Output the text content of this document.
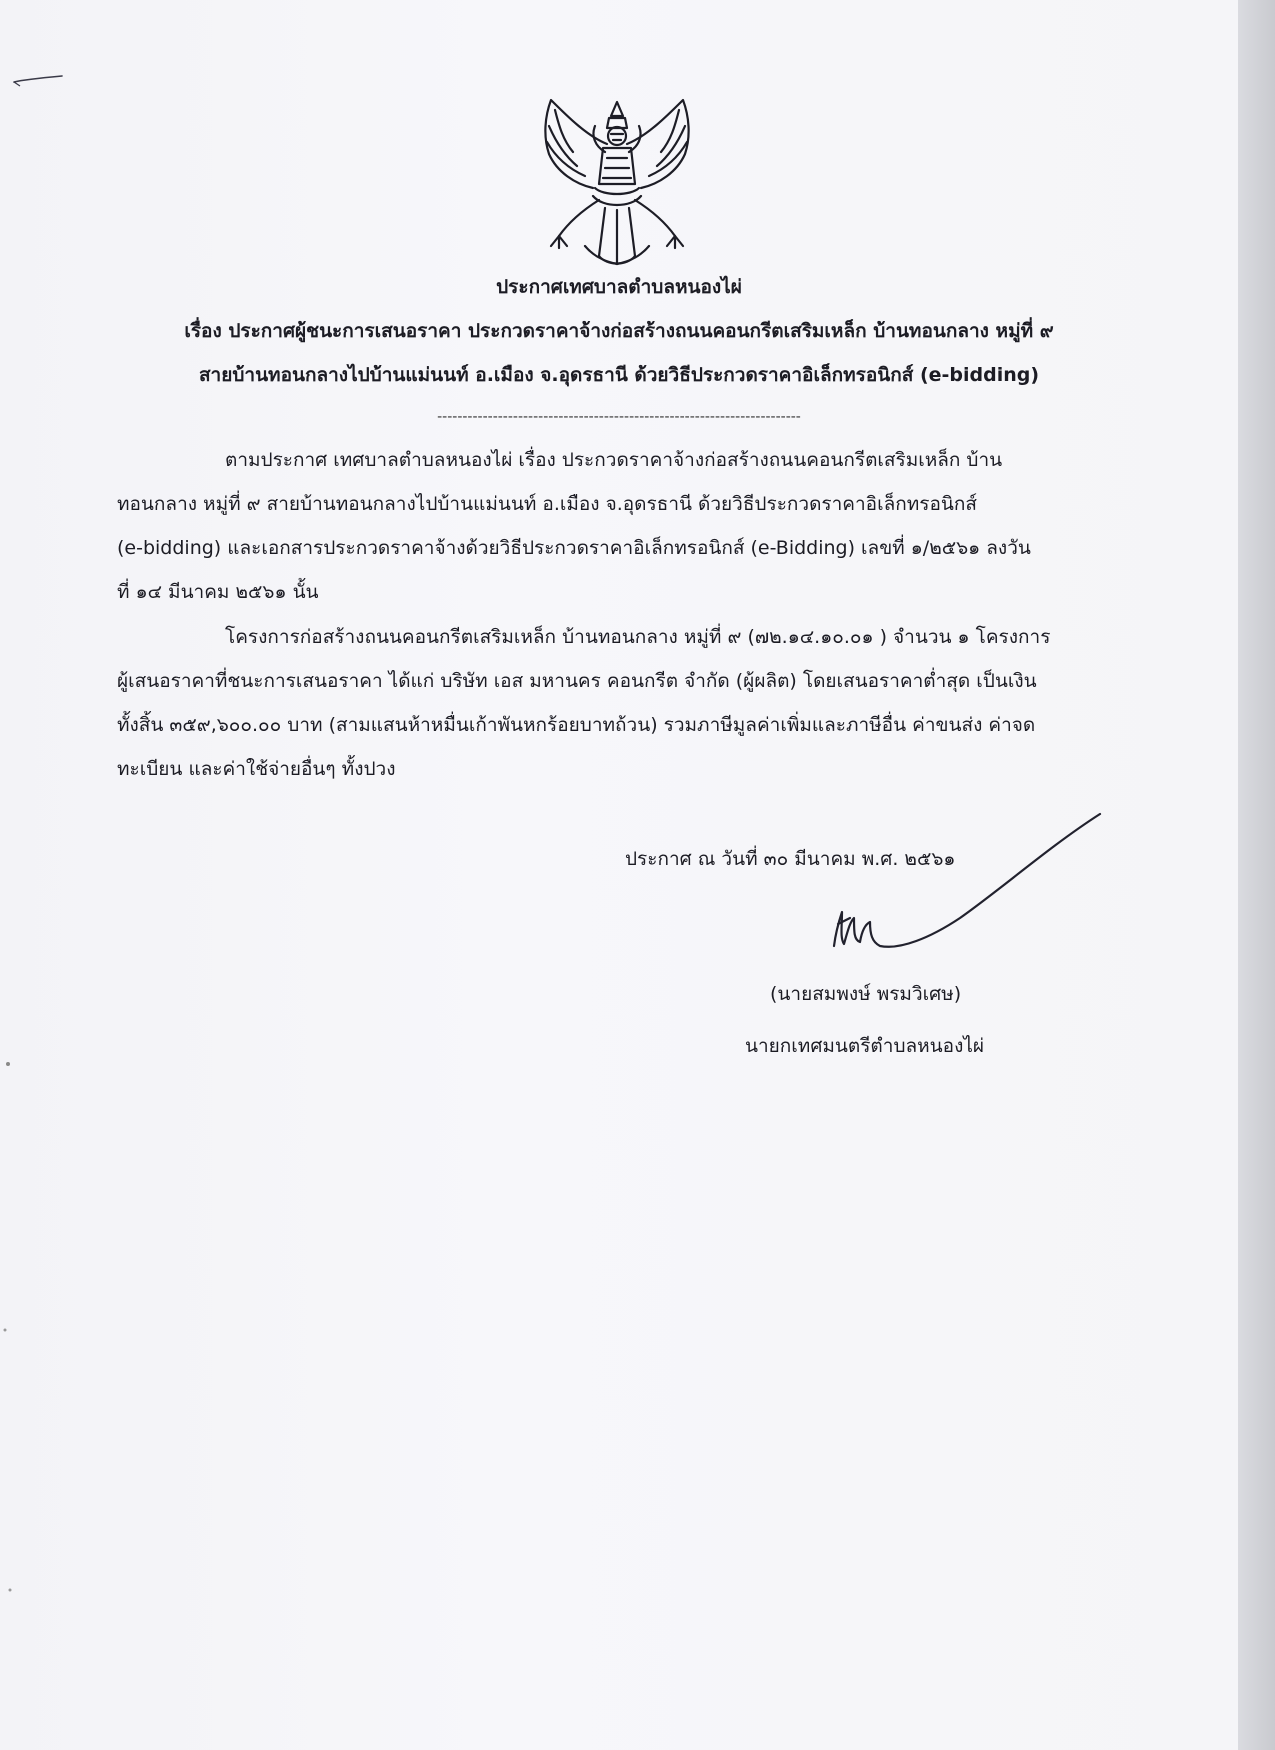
ประกาศเทศบาลตำบลหนองไผ่
เรื่อง ประกาศผู้ชนะการเสนอราคา ประกวดราคาจ้างก่อสร้างถนนคอนกรีตเสริมเหล็ก บ้านทอนกลาง หมู่ที่ ๙
สายบ้านทอนกลางไปบ้านแม่นนท์ อ.เมือง จ.อุดรธานี ด้วยวิธีประกวดราคาอิเล็กทรอนิกส์ (e-bidding)
------------------------------------------------------------------------
ตามประกาศ เทศบาลตำบลหนองไผ่ เรื่อง ประกวดราคาจ้างก่อสร้างถนนคอนกรีตเสริมเหล็ก บ้าน
ทอนกลาง หมู่ที่ ๙ สายบ้านทอนกลางไปบ้านแม่นนท์ อ.เมือง จ.อุดรธานี ด้วยวิธีประกวดราคาอิเล็กทรอนิกส์
(e-bidding) และเอกสารประกวดราคาจ้างด้วยวิธีประกวดราคาอิเล็กทรอนิกส์ (e-Bidding) เลขที่ ๑/๒๕๖๑ ลงวัน
ที่ ๑๔ มีนาคม ๒๕๖๑ นั้น
โครงการก่อสร้างถนนคอนกรีตเสริมเหล็ก บ้านทอนกลาง หมู่ที่ ๙ (๗๒.๑๔.๑๐.๐๑ ) จำนวน ๑ โครงการ
ผู้เสนอราคาที่ชนะการเสนอราคา ได้แก่ บริษัท เอส มหานคร คอนกรีต จำกัด (ผู้ผลิต) โดยเสนอราคาต่ำสุด เป็นเงิน
ทั้งสิ้น ๓๕๙,๖๐๐.๐๐ บาท (สามแสนห้าหมื่นเก้าพันหกร้อยบาทถ้วน) รวมภาษีมูลค่าเพิ่มและภาษีอื่น ค่าขนส่ง ค่าจด
ทะเบียน และค่าใช้จ่ายอื่นๆ ทั้งปวง
ประกาศ ณ วันที่ ๓๐ มีนาคม พ.ศ. ๒๕๖๑
(นายสมพงษ์ พรมวิเศษ)
นายกเทศมนตรีตำบลหนองไผ่
